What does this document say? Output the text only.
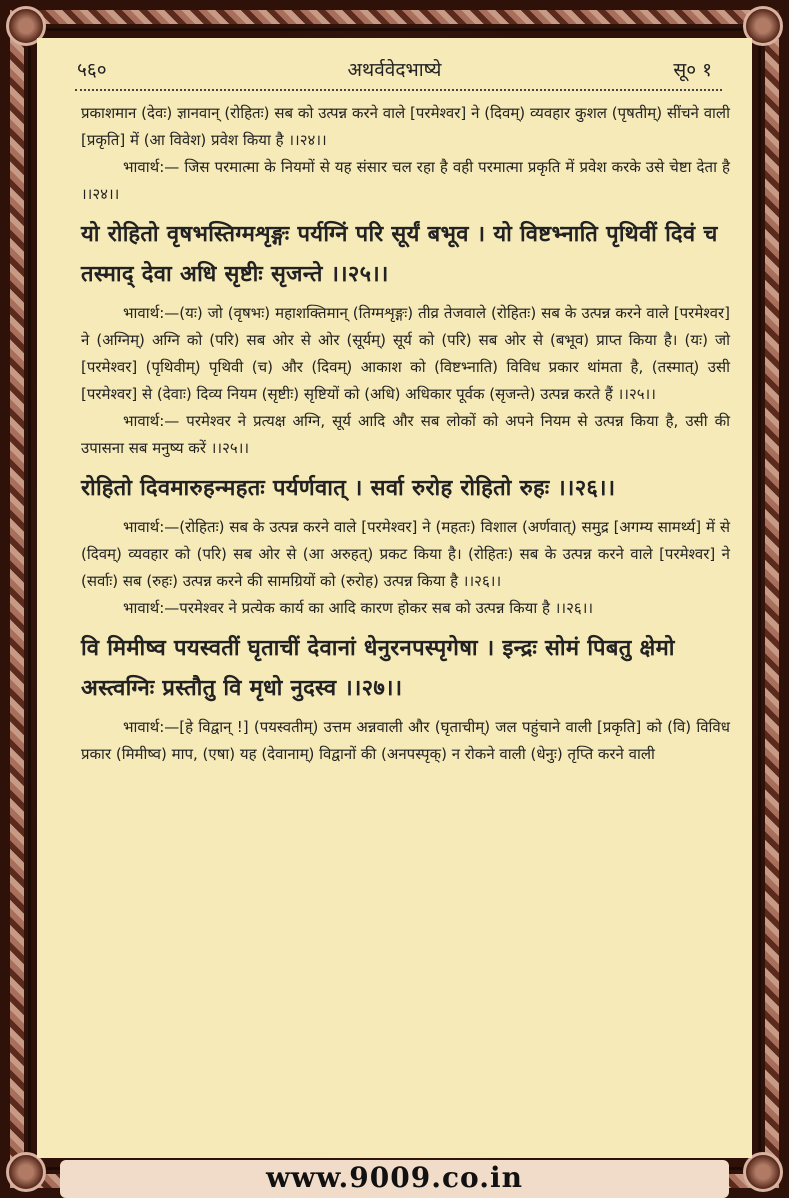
५६०	अथर्ववेदभाष्ये	सू० १

प्रकाशमान (देवः) ज्ञानवान् (रोहितः) सब को उत्पन्न करने वाले [परमेश्वर] ने (दिवम्) व्यवहार कुशल (पृषतीम्) सींचने वाली [प्रकृति] में (आ विवेश) प्रवेश किया है ।।२४।।

भावार्थ:— जिस परमात्मा के नियमों से यह संसार चल रहा है वही परमात्मा प्रकृति में प्रवेश करके उसे चेष्टा देता है ।।२४।।

यो रोहितो वृषभस्तिग्मशृङ्गः पर्यग्निं परि सूर्यं बभूव । यो विष्टभ्नाति पृथिवीं दिवं च तस्माद् देवा अधि सृष्टीः सृजन्ते ।।२५।।

भावार्थ:—(यः) जो (वृषभः) महाशक्तिमान् (तिग्मशृङ्गः) तीव्र तेजवाले (रोहितः) सब के उत्पन्न करने वाले [परमेश्वर] ने (अग्निम्) अग्नि को (परि) सब ओर से ओर (सूर्यम्) सूर्य को (परि) सब ओर से (बभूव) प्राप्त किया है। (यः) जो [परमेश्वर] (पृथिवीम्) पृथिवी (च) और (दिवम्) आकाश को (विष्टभ्नाति) विविध प्रकार थांमता है, (तस्मात्) उसी [परमेश्वर] से (देवाः) दिव्य नियम (सृष्टीः) सृष्टियों को (अधि) अधिकार पूर्वक (सृजन्ते) उत्पन्न करते हैं ।।२५।।

भावार्थ:— परमेश्वर ने प्रत्यक्ष अग्नि, सूर्य आदि और सब लोकों को अपने नियम से उत्पन्न किया है, उसी की उपासना सब मनुष्य करें ।।२५।।

रोहितो दिवमारुहन्महतः पर्यर्णवात् । सर्वा रुरोह रोहितो रुहः ।।२६।।

भावार्थ:—(रोहितः) सब के उत्पन्न करने वाले [परमेश्वर] ने (महतः) विशाल (अर्णवात्) समुद्र [अगम्य सामर्थ्य] में से (दिवम्) व्यवहार को (परि) सब ओर से (आ अरुहत्) प्रकट किया है। (रोहितः) सब के उत्पन्न करने वाले [परमेश्वर] ने (सर्वाः) सब (रुहः) उत्पन्न करने की सामग्रियों को (रुरोह) उत्पन्न किया है ।।२६।।

भावार्थ:—परमेश्वर ने प्रत्येक कार्य का आदि कारण होकर सब को उत्पन्न किया है ।।२६।।

वि मिमीष्व पयस्वतीं घृताचीं देवानां धेनुरनपस्पृगेषा । इन्द्रः सोमं पिबतु क्षेमो अस्त्वग्निः प्रस्तौतु वि मृधो नुदस्व ।।२७।।

भावार्थ:—[हे विद्वान् !] (पयस्वतीम्) उत्तम अन्नवाली और (घृताचीम्) जल पहुंचाने वाली [प्रकृति] को (वि) विविध प्रकार (मिमीष्व) माप, (एषा) यह (देवानाम्) विद्वानों की (अनपस्पृक्) न रोकने वाली (धेनुः) तृप्ति करने वाली

www.9009.co.in
